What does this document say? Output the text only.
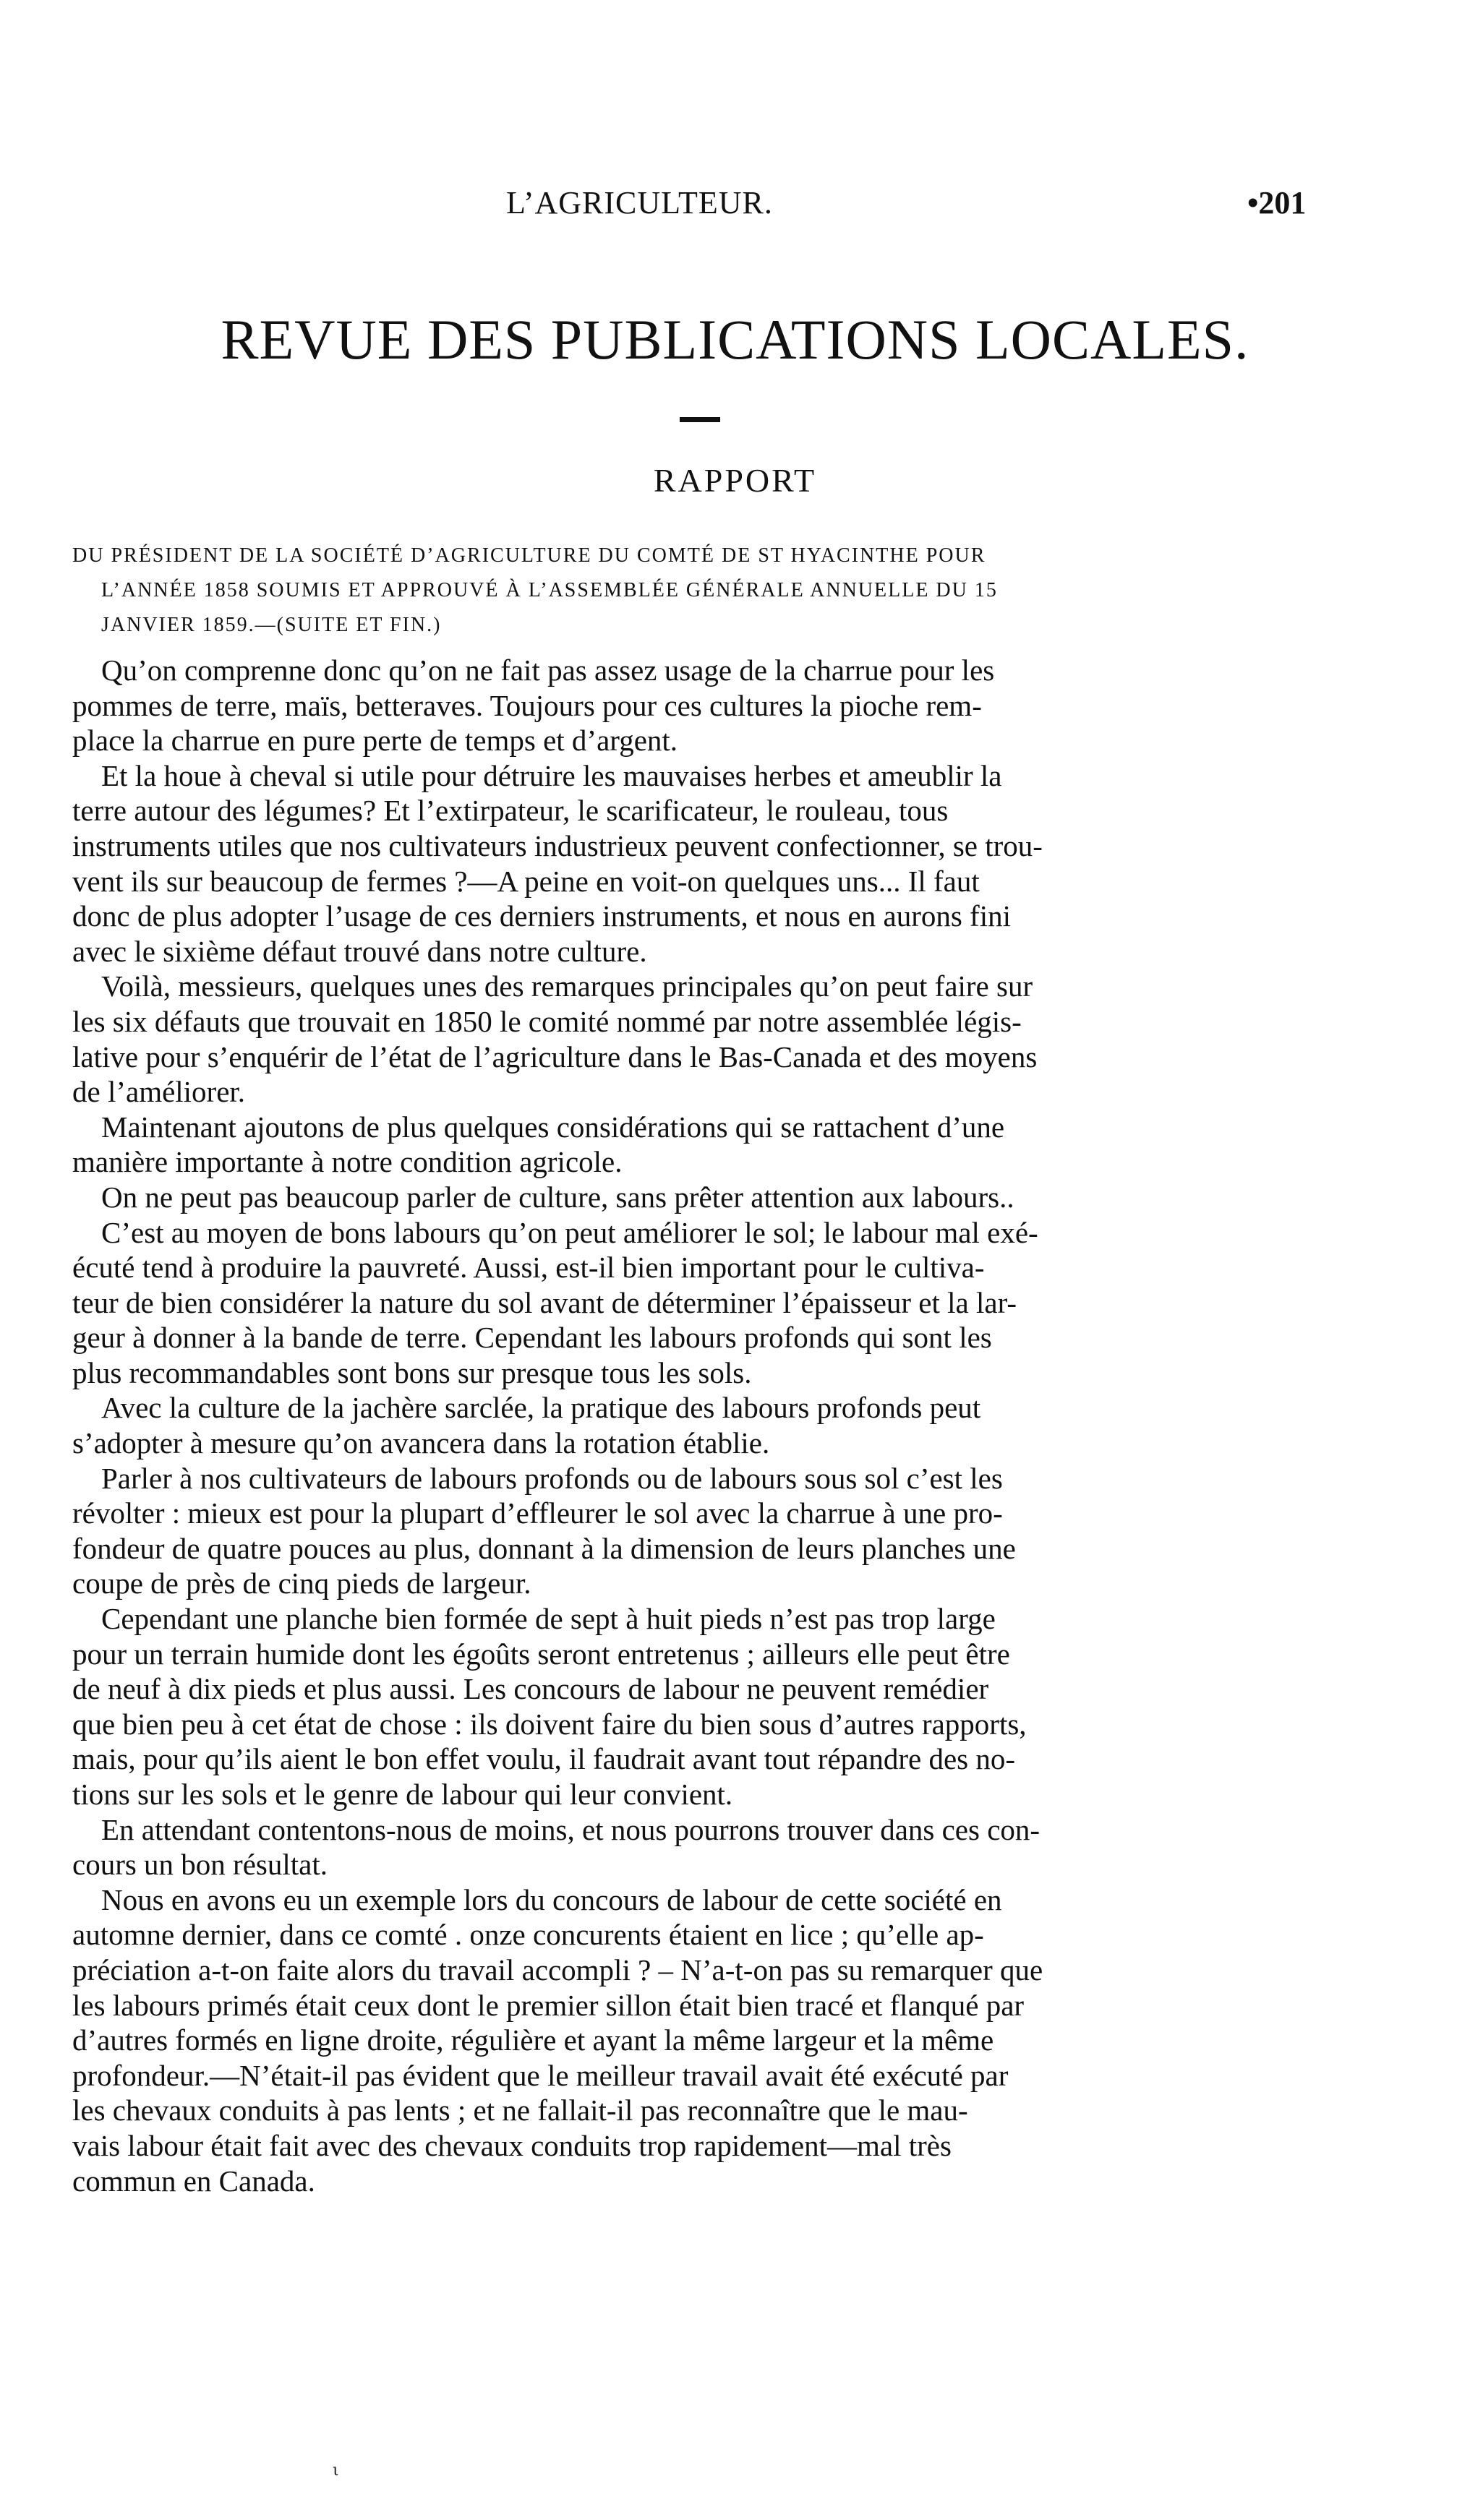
L’AGRICULTEUR.	•201
REVUE DES PUBLICATIONS LOCALES.
RAPPORT
DU PRÉSIDENT DE LA SOCIÉTÉ D’AGRICULTURE DU COMTÉ DE ST HYACINTHE POUR
L’ANNÉE 1858 SOUMIS ET APPROUVÉ À L’ASSEMBLÉE GÉNÉRALE ANNUELLE DU 15
JANVIER 1859.—(SUITE ET FIN.)
Qu’on comprenne donc qu’on ne fait pas assez usage de la charrue pour les
pommes de terre, maïs, betteraves. Toujours pour ces cultures la pioche rem-
place la charrue en pure perte de temps et d’argent.
Et la houe à cheval si utile pour détruire les mauvaises herbes et ameublir la
terre autour des légumes? Et l’extirpateur, le scarificateur, le rouleau, tous
instruments utiles que nos cultivateurs industrieux peuvent confectionner, se trou-
vent ils sur beaucoup de fermes ?—A peine en voit-on quelques uns... Il faut
donc de plus adopter l’usage de ces derniers instruments, et nous en aurons fini
avec le sixième défaut trouvé dans notre culture.
Voilà, messieurs, quelques unes des remarques principales qu’on peut faire sur
les six défauts que trouvait en 1850 le comité nommé par notre assemblée légis-
lative pour s’enquérir de l’état de l’agriculture dans le Bas-Canada et des moyens
de l’améliorer.
Maintenant ajoutons de plus quelques considérations qui se rattachent d’une
manière importante à notre condition agricole.
On ne peut pas beaucoup parler de culture, sans prêter attention aux labours..
C’est au moyen de bons labours qu’on peut améliorer le sol; le labour mal exé-
écuté tend à produire la pauvreté. Aussi, est-il bien important pour le cultiva-
teur de bien considérer la nature du sol avant de déterminer l’épaisseur et la lar-
geur à donner à la bande de terre. Cependant les labours profonds qui sont les
plus recommandables sont bons sur presque tous les sols.
Avec la culture de la jachère sarclée, la pratique des labours profonds peut
s’adopter à mesure qu’on avancera dans la rotation établie.
Parler à nos cultivateurs de labours profonds ou de labours sous sol c’est les
révolter : mieux est pour la plupart d’effleurer le sol avec la charrue à une pro-
fondeur de quatre pouces au plus, donnant à la dimension de leurs planches une
coupe de près de cinq pieds de largeur.
Cependant une planche bien formée de sept à huit pieds n’est pas trop large
pour un terrain humide dont les égoûts seront entretenus ; ailleurs elle peut être
de neuf à dix pieds et plus aussi. Les concours de labour ne peuvent remédier
que bien peu à cet état de chose : ils doivent faire du bien sous d’autres rapports,
mais, pour qu’ils aient le bon effet voulu, il faudrait avant tout répandre des no-
tions sur les sols et le genre de labour qui leur convient.
En attendant contentons-nous de moins, et nous pourrons trouver dans ces con-
cours un bon résultat.
Nous en avons eu un exemple lors du concours de labour de cette société en
automne dernier, dans ce comté . onze concurents étaient en lice ; qu’elle ap-
préciation a-t-on faite alors du travail accompli ? – N’a-t-on pas su remarquer que
les labours primés était ceux dont le premier sillon était bien tracé et flanqué par
d’autres formés en ligne droite, régulière et ayant la même largeur et la même
profondeur.—N’était-il pas évident que le meilleur travail avait été exécuté par
les chevaux conduits à pas lents ; et ne fallait-il pas reconnaître que le mau-
vais labour était fait avec des chevaux conduits trop rapidement—mal très
commun en Canada.
ι
